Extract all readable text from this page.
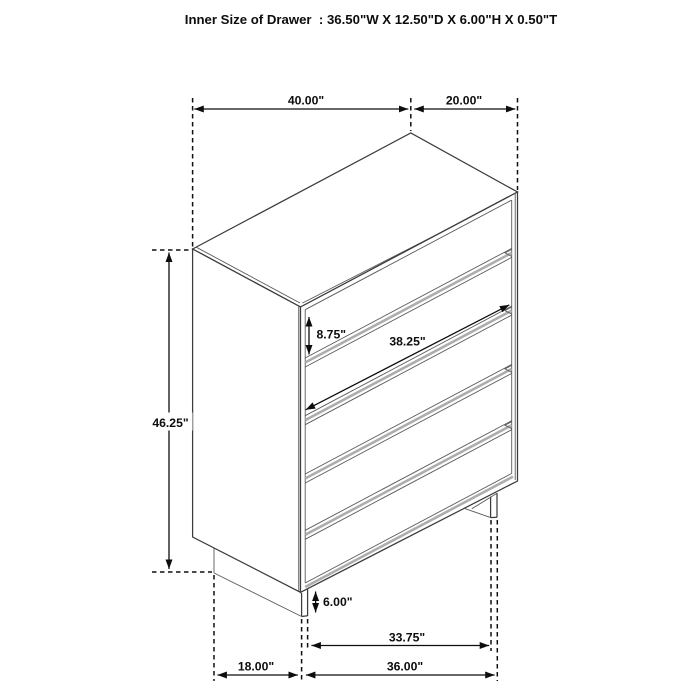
Inner Size of Drawer  : 36.50"W X 12.50"D X 6.00"H X 0.50"T
40.00"	20.00"
46.25"
8.75"	38.25"
6.00"
33.75"
36.00"
18.00"
